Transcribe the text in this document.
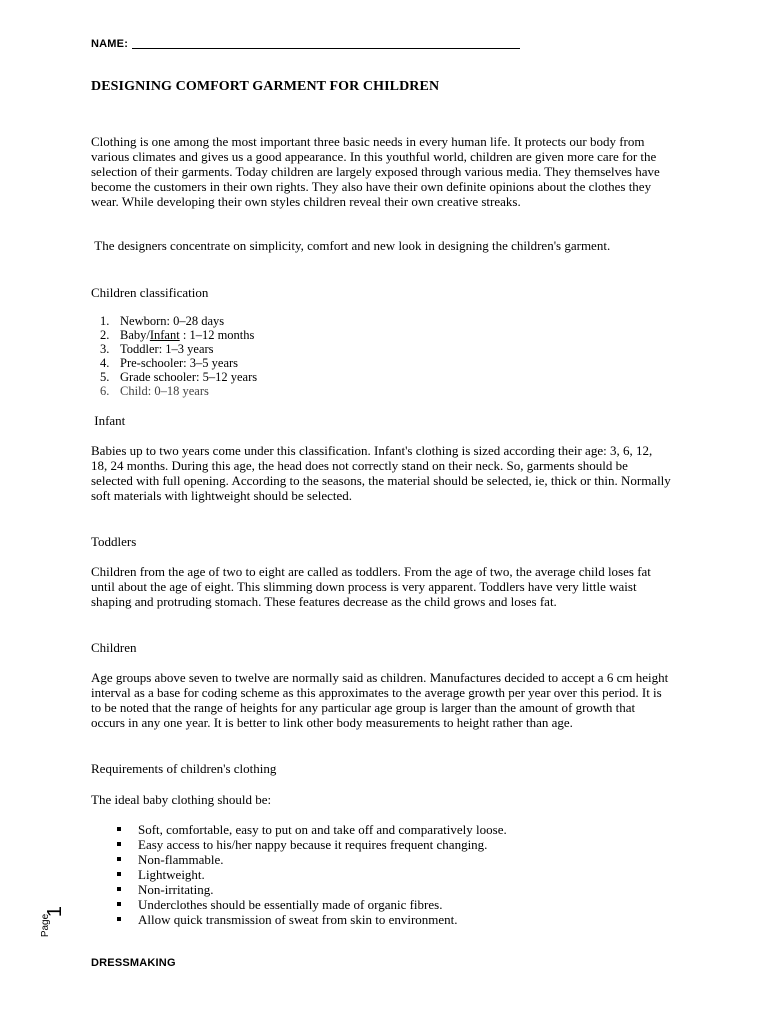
NAME:
DESIGNING COMFORT GARMENT FOR CHILDREN

Clothing is one among the most important three basic needs in every human life. It protects our body from various climates and gives us a good appearance. In this youthful world, children are given more care for the selection of their garments. Today children are largely exposed through various media. They themselves have become the customers in their own rights. They also have their own definite opinions about the clothes they wear. While developing their own styles children reveal their own creative streaks.

The designers concentrate on simplicity, comfort and new look in designing the children's garment.

Children classification
1. Newborn: 0–28 days
2. Baby/Infant : 1–12 months
3. Toddler: 1–3 years
4. Pre-schooler: 3–5 years
5. Grade schooler: 5–12 years
6. Child: 0–18 years
Infant
Babies up to two years come under this classification. Infant's clothing is sized according their age: 3, 6, 12, 18, 24 months. During this age, the head does not correctly stand on their neck. So, garments should be selected with full opening. According to the seasons, the material should be selected, ie, thick or thin. Normally soft materials with lightweight should be selected.
Toddlers
Children from the age of two to eight are called as toddlers. From the age of two, the average child loses fat until about the age of eight. This slimming down process is very apparent. Toddlers have very little waist shaping and protruding stomach. These features decrease as the child grows and loses fat.
Children
Age groups above seven to twelve are normally said as children. Manufactures decided to accept a 6 cm height interval as a base for coding scheme as this approximates to the average growth per year over this period. It is to be noted that the range of heights for any particular age group is larger than the amount of growth that occurs in any one year. It is better to link other body measurements to height rather than age.
Requirements of children's clothing
The ideal baby clothing should be:
Soft, comfortable, easy to put on and take off and comparatively loose.
Easy access to his/her nappy because it requires frequent changing.
Non-flammable.
Lightweight.
Non-irritating.
Underclothes should be essentially made of organic fibres.
Allow quick transmission of sweat from skin to environment.
Page
1
DRESSMAKING
